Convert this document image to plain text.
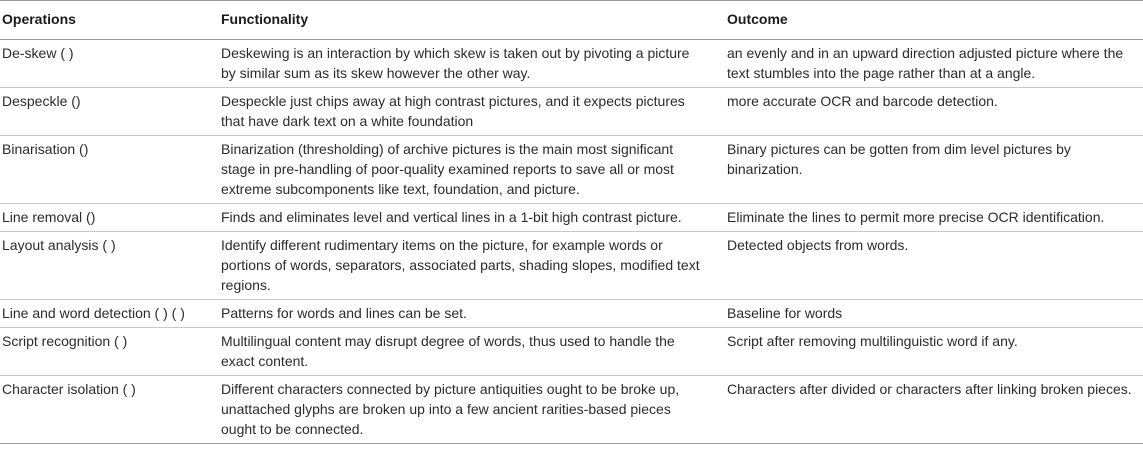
Operations	Functionality	Outcome
De-skew ( )	Deskewing is an interaction by which skew is taken out by pivoting a picture by similar sum as its skew however the other way.	an evenly and in an upward direction adjusted picture where the text stumbles into the page rather than at a angle.
Despeckle ()	Despeckle just chips away at high contrast pictures, and it expects pictures that have dark text on a white foundation	more accurate OCR and barcode detection.
Binarisation ()	Binarization (thresholding) of archive pictures is the main most significant stage in pre-handling of poor-quality examined reports to save all or most extreme subcomponents like text, foundation, and picture.	Binary pictures can be gotten from dim level pictures by binarization.
Line removal ()	Finds and eliminates level and vertical lines in a 1-bit high contrast picture.	Eliminate the lines to permit more precise OCR identification.
Layout analysis ( )	Identify different rudimentary items on the picture, for example words or portions of words, separators, associated parts, shading slopes, modified text regions.	Detected objects from words.
Line and word detection ( ) ( )	Patterns for words and lines can be set.	Baseline for words
Script recognition ( )	Multilingual content may disrupt degree of words, thus used to handle the exact content.	Script after removing multilinguistic word if any.
Character isolation ( )	Different characters connected by picture antiquities ought to be broke up, unattached glyphs are broken up into a few ancient rarities-based pieces ought to be connected.	Characters after divided or characters after linking broken pieces.
